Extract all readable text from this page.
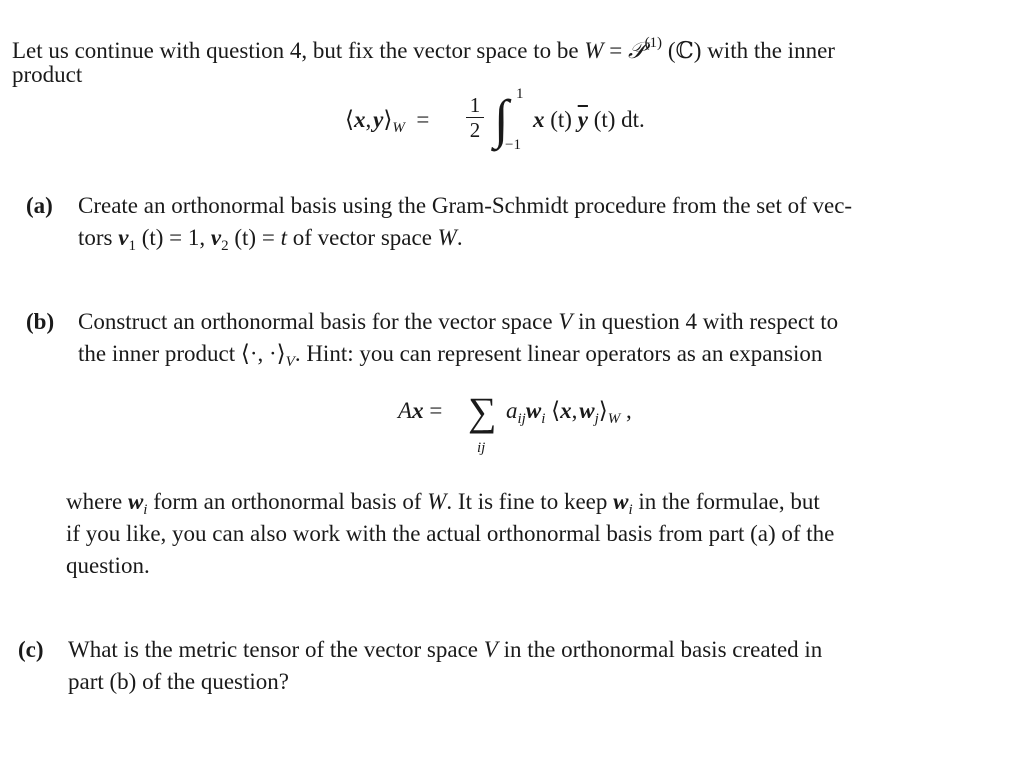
Let us continue with question 4, but fix the vector space to be W = 𝒫$^{(1)}$ (ℂ) with the inner
product
⟨x, $y⟩_W$ =
1
2 ∫ 1
−1
x (t) $\overline{y}$ (t) dt.
(a) Create an orthonormal basis using the Gram-Schmidt procedure from the set of vec-
tors $v_1$ (t) = 1, $v_2$ (t) = t of vector space W.
(b) Construct an orthonormal basis for the vector space V in question 4 with respect to
the inner product ⟨·, $\cdot⟩_V$. Hint: you can represent linear operators as an expansion
Ax = ∑
ij
$a_{ij}w_i$ ⟨x, $w_j⟩_W$ ,
where $w_i$ form an orthonormal basis of W. It is fine to keep $w_i$ in the formulae, but
if you like, you can also work with the actual orthonormal basis from part (a) of the
question.
(c) What is the metric tensor of the vector space V in the orthonormal basis created in
part (b) of the question?
